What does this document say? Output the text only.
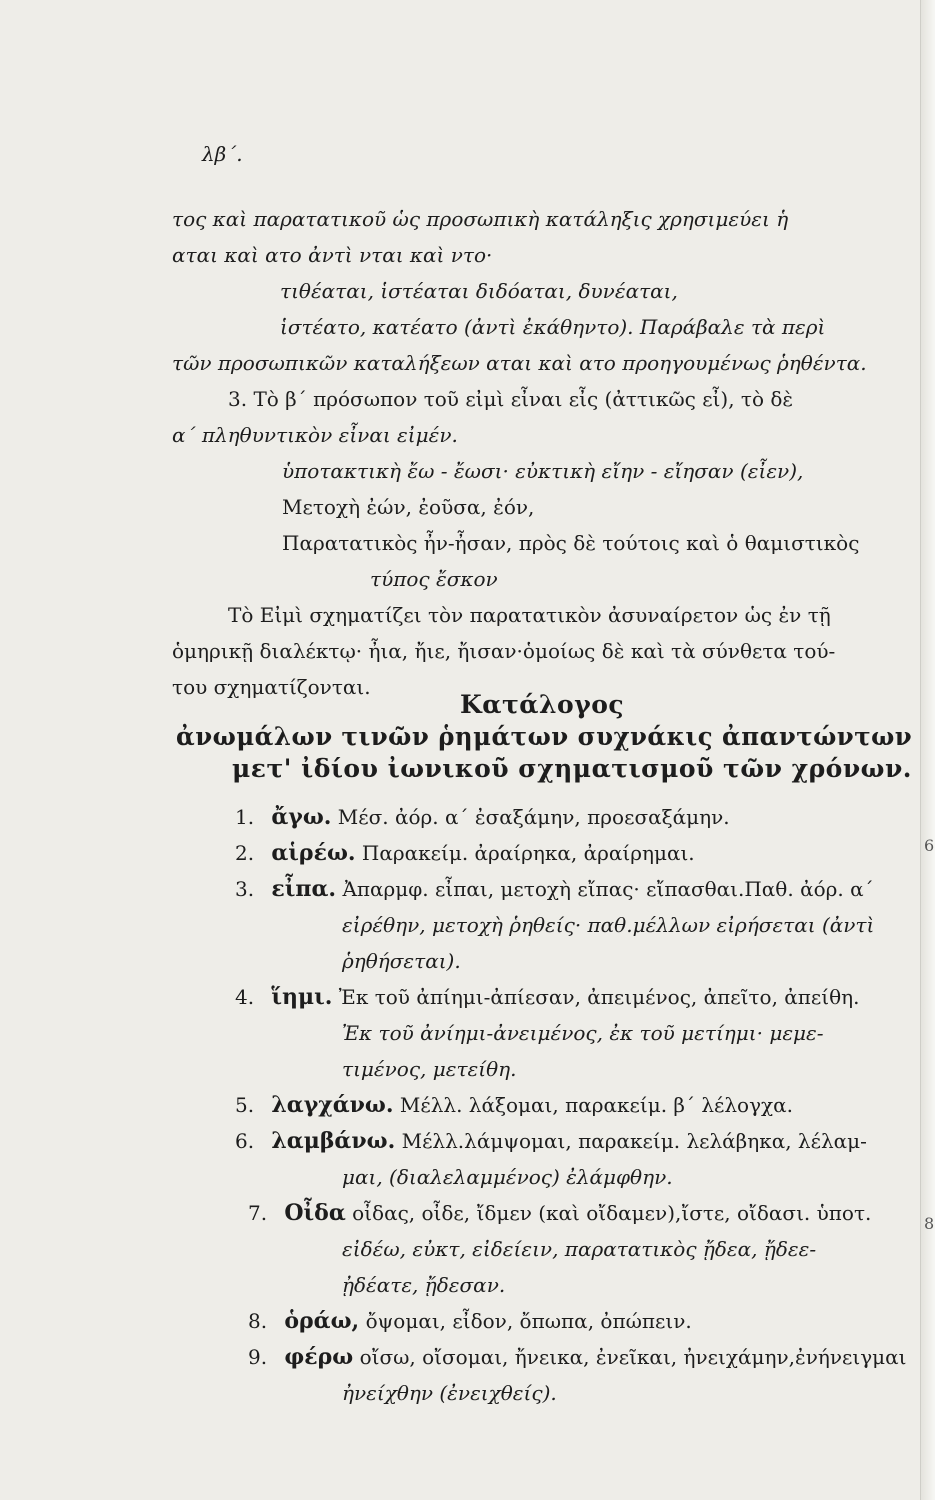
λβ΄.
τος καὶ παρατατικοῦ ὡς προσωπικὴ κατάληξις χρησιμεύει ἡ
αται καὶ ατο ἀντὶ νται καὶ ντο·
τιθέαται, ἱστέαται διδόαται, δυνέαται,
ἱστέατο, κατέατο (ἀντὶ ἐκάθηντο). Παράβαλε τὰ περὶ
τῶν προσωπικῶν καταλήξεων αται καὶ ατο προηγουμένως ῥηθέντα.
3. Τὸ β΄ πρόσωπον τοῦ εἰμὶ εἶναι εἶς (ἀττικῶς εἶ), τὸ δὲ
α΄ πληθυντικὸν εἶναι εἰμέν.
ὑποτακτικὴ ἔω - ἔωσι· εὐκτικὴ εἴην - εἴησαν (εἶεν),
Μετοχὴ ἐών, ἐοῦσα, ἐόν,
Παρατατικὸς ἦν-ἦσαν, πρὸς δὲ τούτοις καὶ ὁ θαμιστικὸς
τύπος ἔσκον
Τὸ Εἰμὶ σχηματίζει τὸν παρατατικὸν ἀσυναίρετον ὡς ἐν τῇ
ὁμηρικῇ διαλέκτῳ· ἦια, ἤιε, ἤισαν·ὁμοίως δὲ καὶ τὰ σύνθετα τού-
του σχηματίζονται.
Κατάλογος
ἀνωμάλων τινῶν ῥημάτων συχνάκις ἀπαντώντων
μετ' ἰδίου ἰωνικοῦ σχηματισμοῦ τῶν χρόνων.
1. ἄγω. Μέσ. ἀόρ. α΄ ἐσαξάμην, προεσαξάμην.
2. αἱρέω. Παρακείμ. ἀραίρηκα, ἀραίρημαι.
3. εἶπα. Ἀπαρμφ. εἶπαι, μετοχὴ εἴπας· εἴπασθαι.Παθ. ἀόρ. α΄
εἰρέθην, μετοχὴ ῥηθείς· παθ.μέλλων εἰρήσεται (ἀντὶ
ῥηθήσεται).
4. ἵημι. Ἐκ τοῦ ἀπίημι-ἀπίεσαν, ἀπειμένος, ἀπεῖτο, ἀπείθη.
Ἐκ τοῦ ἀνίημι-ἀνειμένος, ἐκ τοῦ μετίημι· μεμε-
τιμένος, μετείθη.
5. λαγχάνω. Μέλλ. λάξομαι, παρακείμ. β΄ λέλογχα.
6. λαμβάνω. Μέλλ.λάμψομαι, παρακείμ. λελάβηκα, λέλαμ-
μαι, (διαλελαμμένος) ἐλάμφθην.
7. Οἶδα οἶδας, οἶδε, ἴδμεν (καὶ οἴδαμεν),ἴστε, οἴδασι. ὑποτ.
εἰδέω, εὐκτ, εἰδείειν, παρατατικὸς ᾔδεα, ᾔδεε-
ᾐδέατε, ᾔδεσαν.
8. ὁράω, ὄψομαι, εἶδον, ὄπωπα, ὀπώπειν.
9. φέρω οἴσω, οἴσομαι, ἤνεικα, ἐνεῖκαι, ἠνειχάμην,ἐνήνειγμαι
ἠνείχθην (ἐνειχθείς).
6
8
